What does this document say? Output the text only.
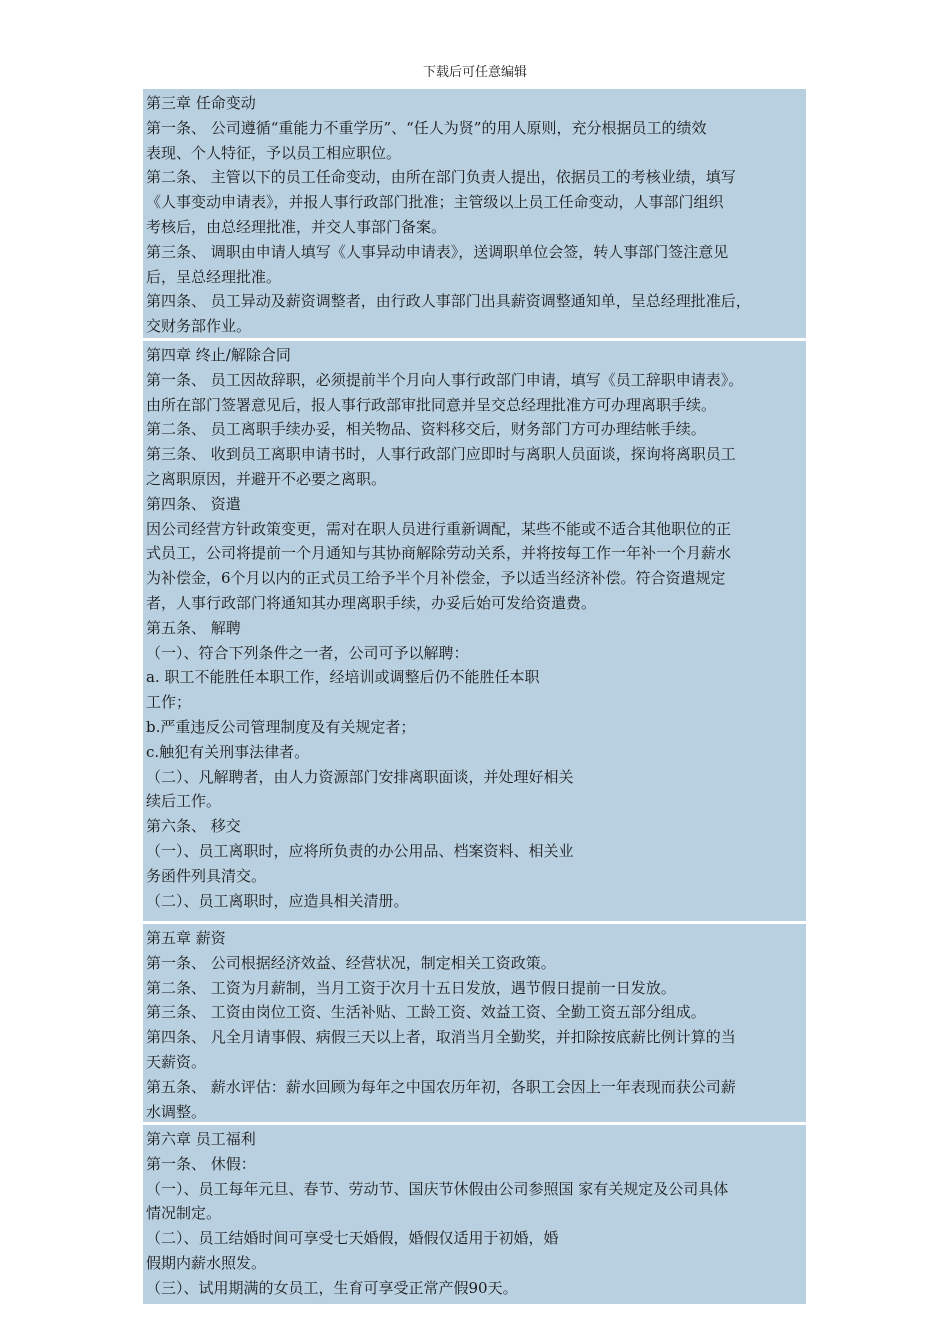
下载后可任意编辑
第三章 任命变动
第一条、 公司遵循“重能力不重学历”、“任人为贤”的用人原则，充分根据员工的绩效
表现、个人特征，予以员工相应职位。
第二条、 主管以下的员工任命变动，由所在部门负责人提出，依据员工的考核业绩，填写
《人事变动申请表》，并报人事行政部门批准；主管级以上员工任命变动，人事部门组织
考核后，由总经理批准，并交人事部门备案。
第三条、 调职由申请人填写《人事异动申请表》，送调职单位会签，转人事部门签注意见
后，呈总经理批准。
第四条、 员工异动及薪资调整者，由行政人事部门出具薪资调整通知单，呈总经理批准后，
交财务部作业。
第四章 终止/解除合同
第一条、 员工因故辞职，必须提前半个月向人事行政部门申请，填写《员工辞职申请表》。
由所在部门签署意见后，报人事行政部审批同意并呈交总经理批准方可办理离职手续。
第二条、 员工离职手续办妥，相关物品、资料移交后，财务部门方可办理结帐手续。
第三条、 收到员工离职申请书时，人事行政部门应即时与离职人员面谈，探询将离职员工
之离职原因，并避开不必要之离职。
第四条、 资遣
因公司经营方针政策变更，需对在职人员进行重新调配，某些不能或不适合其他职位的正
式员工，公司将提前一个月通知与其协商解除劳动关系，并将按每工作一年补一个月薪水
为补偿金，6个月以内的正式员工给予半个月补偿金，予以适当经济补偿。符合资遣规定
者，人事行政部门将通知其办理离职手续，办妥后始可发给资遣费。
第五条、 解聘
（一）、符合下列条件之一者，公司可予以解聘：
a. 职工不能胜任本职工作，经培训或调整后仍不能胜任本职
工作；
b.严重违反公司管理制度及有关规定者；
c.触犯有关刑事法律者。
（二）、凡解聘者，由人力资源部门安排离职面谈，并处理好相关
续后工作。
第六条、 移交
（一）、员工离职时，应将所负责的办公用品、档案资料、相关业
务函件列具清交。
（二）、员工离职时，应造具相关清册。
第五章 薪资
第一条、 公司根据经济效益、经营状况，制定相关工资政策。
第二条、 工资为月薪制，当月工资于次月十五日发放，遇节假日提前一日发放。
第三条、 工资由岗位工资、生活补贴、工龄工资、效益工资、全勤工资五部分组成。
第四条、 凡全月请事假、病假三天以上者，取消当月全勤奖，并扣除按底薪比例计算的当
天薪资。
第五条、 薪水评估：薪水回顾为每年之中国农历年初，各职工会因上一年表现而获公司薪
水调整。
第六章 员工福利
第一条、 休假：
（一）、员工每年元旦、春节、劳动节、国庆节休假由公司参照国 家有关规定及公司具体
情况制定。
（二）、员工结婚时间可享受七天婚假，婚假仅适用于初婚，婚
假期内薪水照发。
（三）、试用期满的女员工，生育可享受正常产假90天。
